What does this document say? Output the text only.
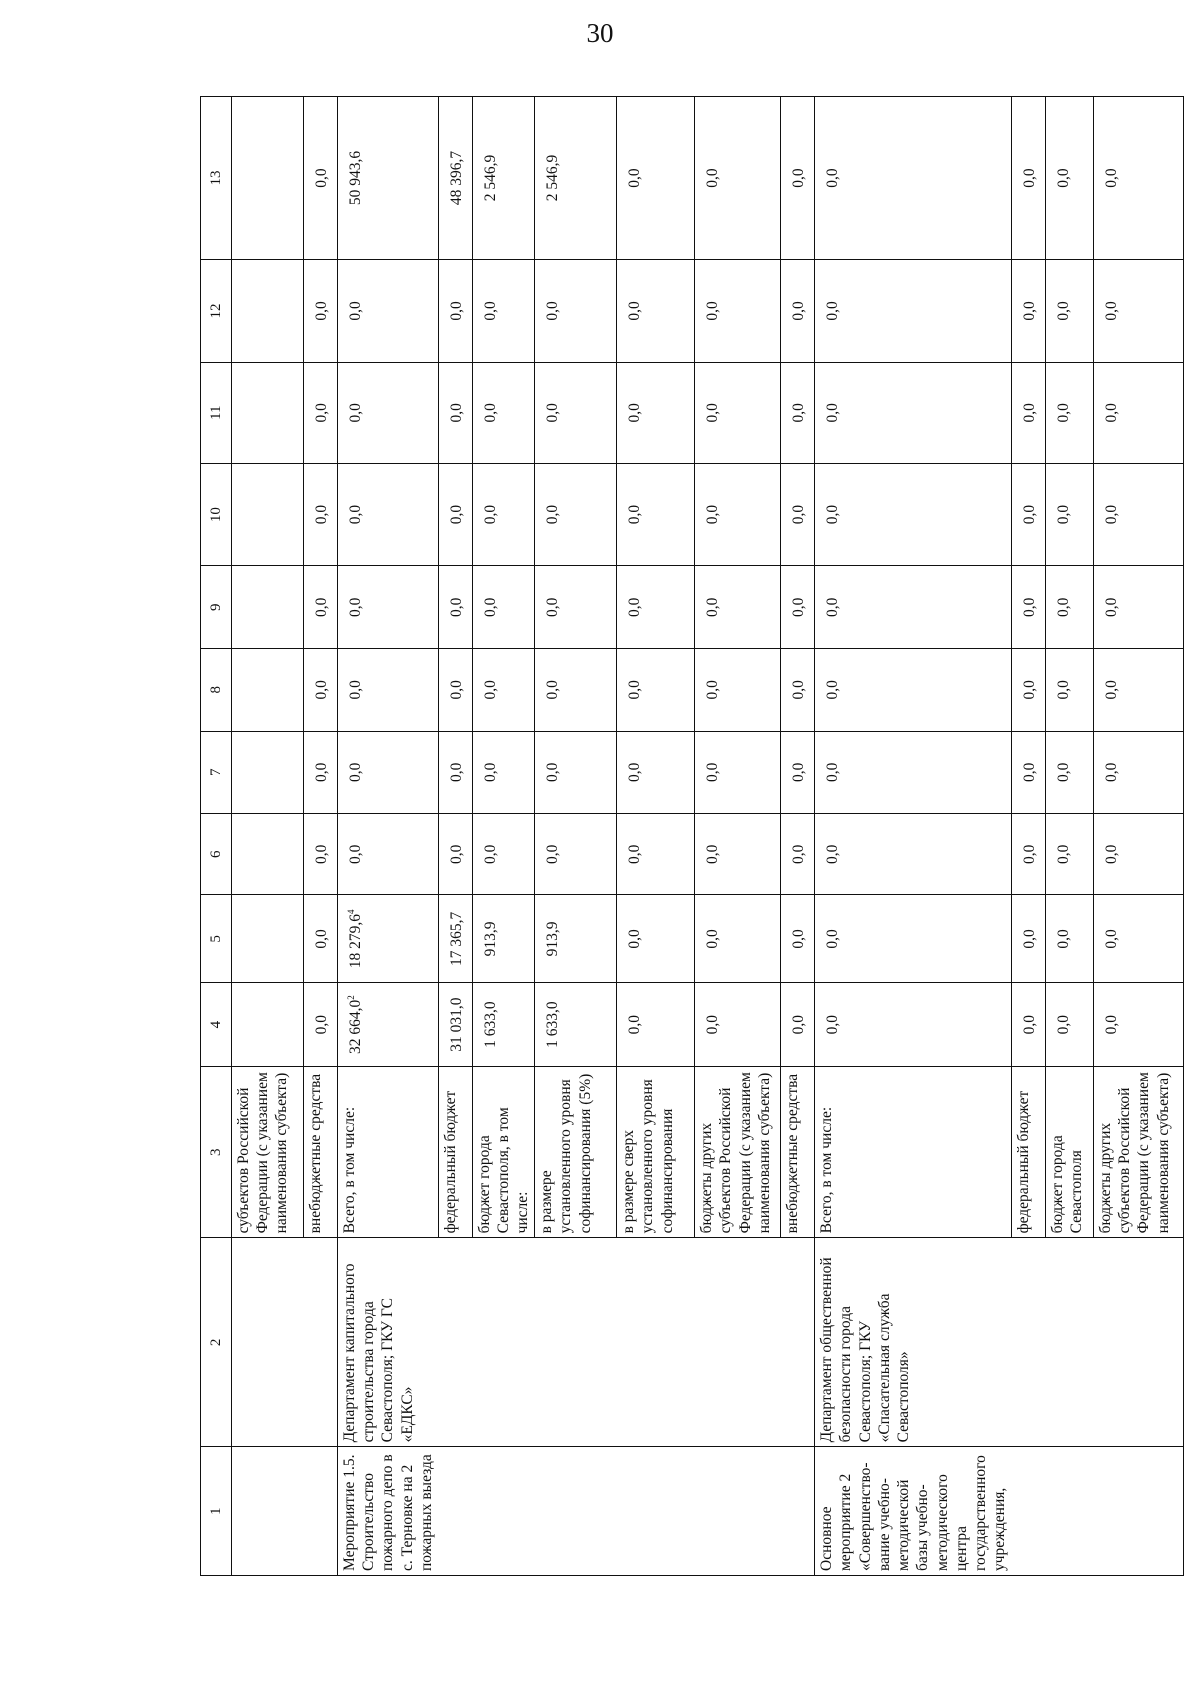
30
1	2	3	4	5	6	7	8	9	10	11	12	13
		субъектов Российской Федерации (с указанием наименования субъекта)										
		внебюджетные средства	0,0	0,0	0,0	0,0	0,0	0,0	0,0	0,0	0,0	0,0
Мероприятие 1.5. Строительство пожарного депо в с. Терновке на 2 пожарных выезда	Департамент капитального строительства города Севастополя; ГКУ ГС «ЕДКС»	Всего, в том числе:	32 664,0$^2$	18 279,6$^4$	0,0	0,0	0,0	0,0	0,0	0,0	0,0	50 943,6
		федеральный бюджет	31 031,0	17 365,7	0,0	0,0	0,0	0,0	0,0	0,0	0,0	48 396,7
		бюджет города Севастополя, в том числе:	1 633,0	913,9	0,0	0,0	0,0	0,0	0,0	0,0	0,0	2 546,9
		в размере установленного уровня софинансирования (5%)	1 633,0	913,9	0,0	0,0	0,0	0,0	0,0	0,0	0,0	2 546,9
		в размере сверх установленного уровня софинансирования	0,0	0,0	0,0	0,0	0,0	0,0	0,0	0,0	0,0	0,0
		бюджеты других субъектов Российской Федерации (с указанием наименования субъекта)	0,0	0,0	0,0	0,0	0,0	0,0	0,0	0,0	0,0	0,0
		внебюджетные средства	0,0	0,0	0,0	0,0	0,0	0,0	0,0	0,0	0,0	0,0
Основное мероприятие 2 «Совершенство-вание учебно-методической базы учебно-методического центра государственного учреждения,	Департамент общественной безопасности города Севастополя; ГКУ «Спасательная служба Севастополя»	Всего, в том числе:	0,0	0,0	0,0	0,0	0,0	0,0	0,0	0,0	0,0	0,0
		федеральный бюджет	0,0	0,0	0,0	0,0	0,0	0,0	0,0	0,0	0,0	0,0
		бюджет города Севастополя	0,0	0,0	0,0	0,0	0,0	0,0	0,0	0,0	0,0	0,0
		бюджеты других субъектов Российской Федерации (с указанием наименования субъекта)	0,0	0,0	0,0	0,0	0,0	0,0	0,0	0,0	0,0	0,0
